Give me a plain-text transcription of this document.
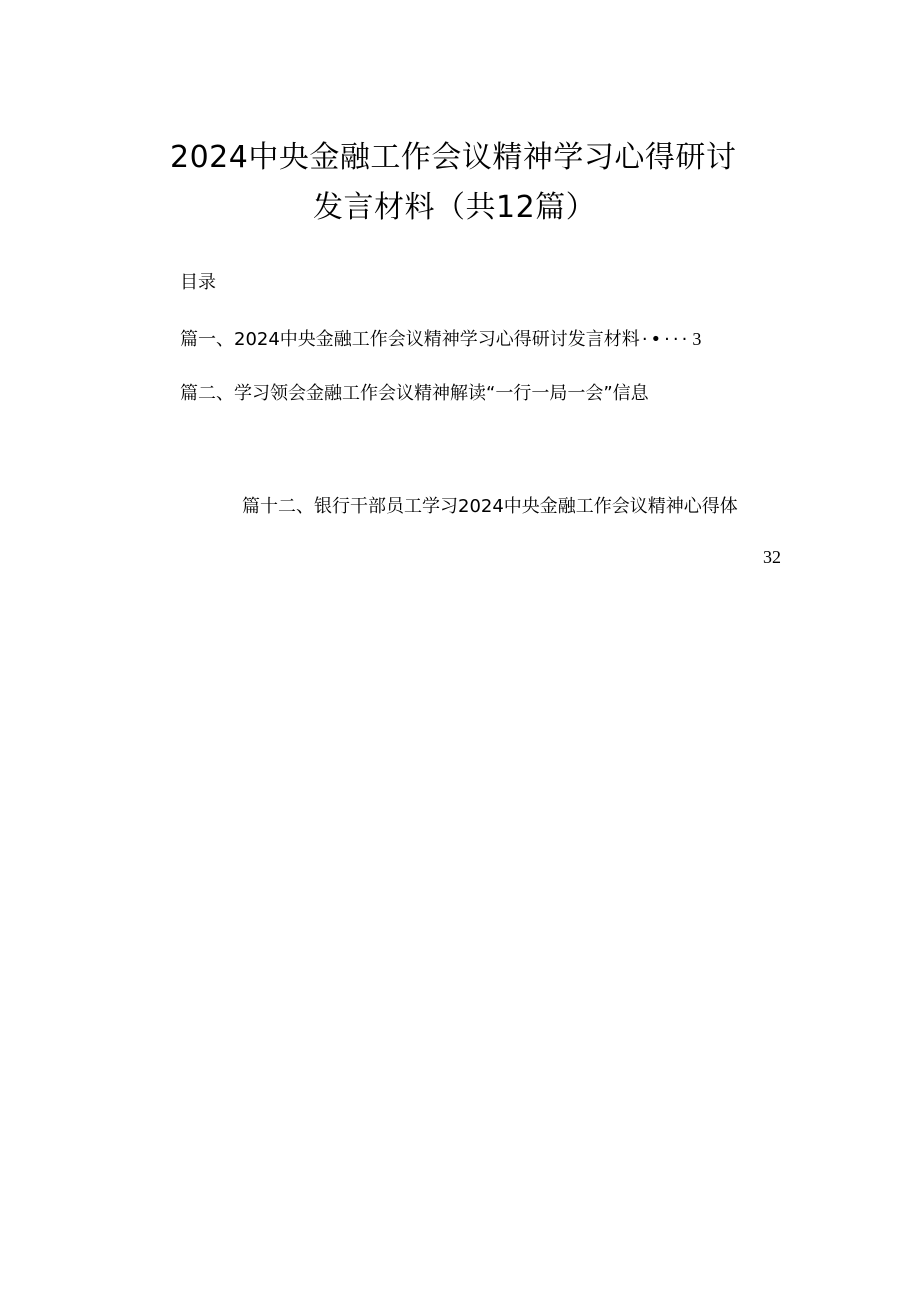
2024中央金融工作会议精神学习心得研讨
发言材料（共12篇）
目录
篇一、2024中央金融工作会议精神学习心得研讨发言材料 ·•··· 3
篇二、学习领会金融工作会议精神解读“一行一局一会”信息
篇十二、银行干部员工学习2024中央金融工作会议精神心得体
32
